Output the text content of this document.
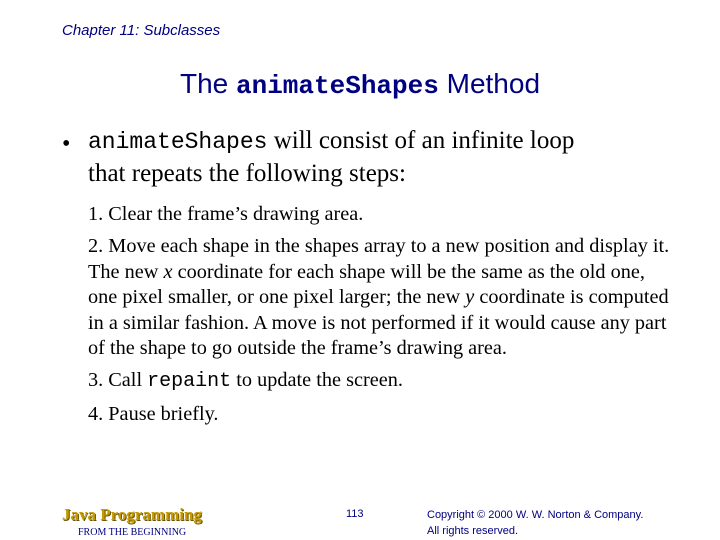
Chapter 11: Subclasses
The animateShapes Method
• animateShapes will consist of an infinite loop
that repeats the following steps:
1. Clear the frame’s drawing area.
2. Move each shape in the shapes array to a new position and display it. The new x coordinate for each shape will be the same as the old one, one pixel smaller, or one pixel larger; the new y coordinate is computed in a similar fashion. A move is not performed if it would cause any part of the shape to go outside the frame’s drawing area.
3. Call repaint to update the screen.
4. Pause briefly.
Java Programming
FROM THE BEGINNING
113	Copyright © 2000 W. W. Norton & Company.
All rights reserved.
